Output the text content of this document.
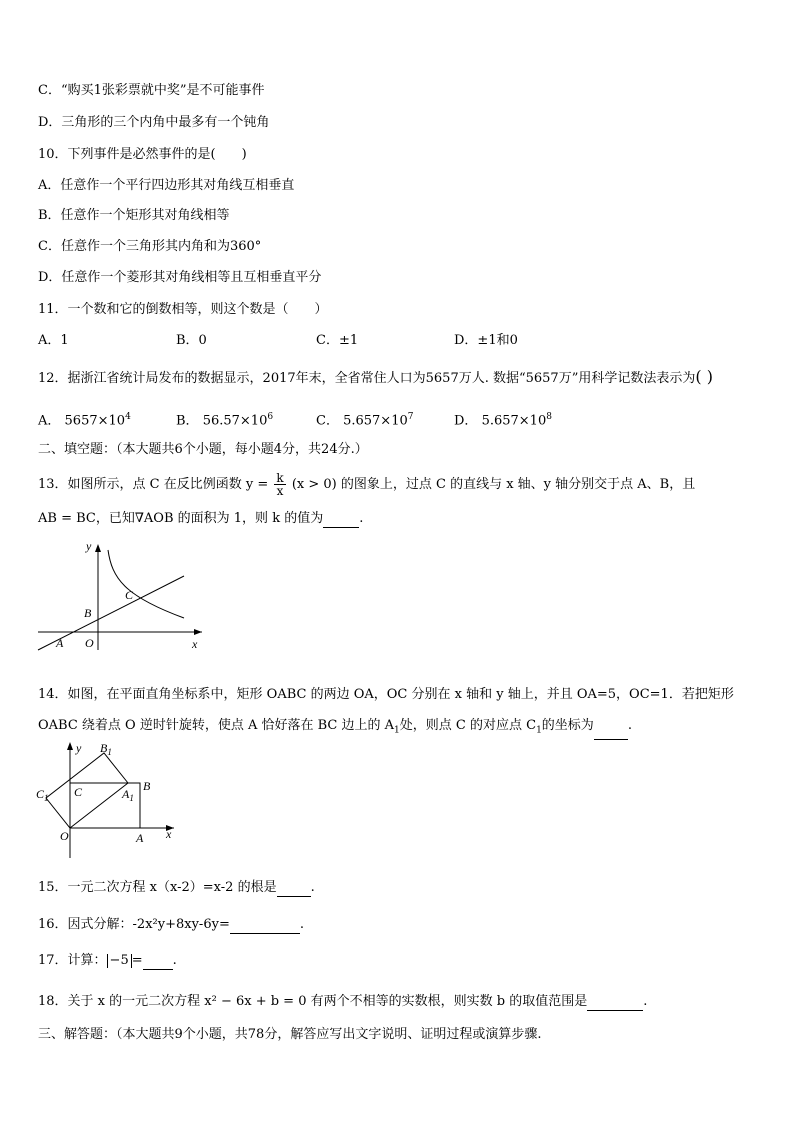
C．“购买1张彩票就中奖”是不可能事件
D．三角形的三个内角中最多有一个钝角
10．下列事件是必然事件的是(　　)
A．任意作一个平行四边形其对角线互相垂直
B．任意作一个矩形其对角线相等
C．任意作一个三角形其内角和为360°
D．任意作一个菱形其对角线相等且互相垂直平分
11．一个数和它的倒数相等，则这个数是（　　）
A．1	B．0	C．±1	D．±1和0
12．据浙江省统计局发布的数据显示，2017年末，全省常住人口为5657万人. 数据“5657万”用科学记数法表示为( )
A． $5657\times 10^4$	B． $56.57\times 10^6$	C． $5.657\times 10^7$	D． $5.657\times 10^8$
二、填空题：（本大题共6个小题，每小题4分，共24分.）
13．如图所示，点 C 在反比例函数 $y = \frac{k}{x} (x > 0)$ 的图象上，过点 C 的直线与 x 轴、y 轴分别交于点 A、B，且
AB = BC，已知∇AOB 的面积为 1，则 k 的值为	.
y
x
B
C
A O
14．如图，在平面直角坐标系中，矩形 OABC 的两边 OA，OC 分别在 x 轴和 y 轴上，并且 OA=5，OC=1．若把矩形
OABC 绕着点 O 逆时针旋转，使点 A 恰好落在 BC 边上的 $A_1$处，则点 C 的对应点 $C_1$的坐标为	.
y $B_1$
$C_1$ C	$A_1$
B
O	A x
15．一元二次方程 x（x-2）=x-2 的根是	.
16．因式分解：-2x²y+8xy-6y=	.
17．计算： −5 = .
18．关于 x 的一元二次方程 x² − 6x + b = 0 有两个不相等的实数根，则实数 b 的取值范围是	.
三、解答题：（本大题共9个小题，共78分，解答应写出文字说明、证明过程或演算步骤.
